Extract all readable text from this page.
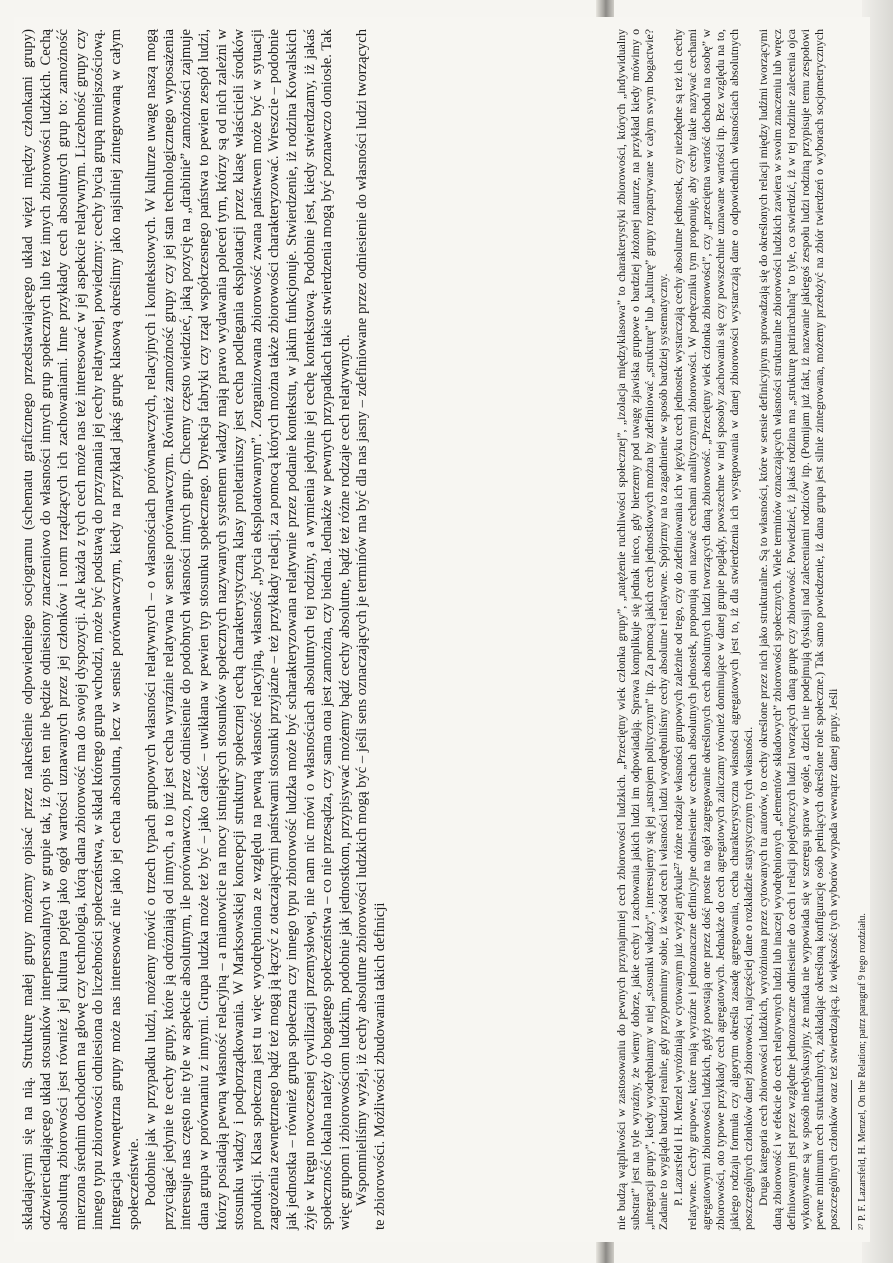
składającymi się na nią. Strukturę małej grupy możemy opisać przez nakreślenie odpowiedniego socjogramu (schematu graficznego przedstawiającego układ więzi między członkami grupy) odzwierciedlającego układ stosunków interpersonalnych w grupie tak, iż opis ten nie będzie odniesiony znaczeniowo do własności innych grup społecznych lub też innych zbiorowości ludzkich. Cechą absolutną zbiorowości jest również jej kultura pojęta jako ogół wartości uznawanych przez jej członków i norm rządzących ich zachowaniami. Inne przykłady cech absolutnych grup to: zamożność mierzona średnim dochodem na głowę czy technologia, którą dana zbiorowość ma do swojej dyspozycji. Ale każda z tych cech może nas też interesować w jej aspekcie relatywnym. Liczebność grupy czy innego typu zbiorowości odniesiona do liczebności społeczeństwa, w skład którego grupa wchodzi, może być podstawą do przyznania jej cechy relatywnej, powiedzmy: cechy bycia grupą mniejszościową. Integracja wewnętrzna grupy może nas interesować nie jako jej cecha absolutna, lecz w sensie porównawczym, kiedy na przykład jakąś grupę klasową określimy jako najsilniej zintegrowaną w całym społeczeństwie. Podobnie jak w przypadku ludzi, możemy mówić o trzech typach grupowych własności relatywnych – o własnościach porównawczych, relacyjnych i kontekstowych. W kulturze uwagę naszą mogą przyciągać jedynie te cechy grupy, które ją odróżniają od innych, a to już jest cecha wyraźnie relatywna w sensie porównawczym. Również zamożność grupy czy jej stan technologicznego wyposażenia interesuje nas często nie tyle w aspekcie absolutnym, ile porównawczo, przez odniesienie do podobnych własności innych grup. Chcemy często wiedzieć, jaką pozycję na „drabinie” zamożności zajmuje dana grupa w porównaniu z innymi. Grupa ludzka może też być – jako całość – uwikłana w pewien typ stosunku społecznego. Dyrekcja fabryki czy rząd współczesnego państwa to pewien zespół ludzi, którzy posiadają pewną własność relacyjną – a mianowicie na mocy istniejących stosunków społecznych nazywanych systemem władzy mają prawo wydawania poleceń tym, którzy są od nich zależni w stosunku władzy i podporządkowania. W Marksowskiej koncepcji struktury społecznej cechą charakterystyczną klasy proletariuszy jest cecha podlegania eksploatacji przez klasę właścicieli środków produkcji. Klasa społeczna jest tu więc wyodrębniona ze względu na pewną własność relacyjną, własność „bycia eksploatowanym”. Zorganizowana zbiorowość zwana państwem może być w sytuacji zagrożenia zewnętrznego bądź też mogą ją łączyć z otaczającymi państwami stosunki przyjaźne – też przykłady relacji, za pomocą których można także zbiorowości charakteryzować. Wreszcie – podobnie jak jednostka – również grupa społeczna czy innego typu zbiorowość ludzka może być scharakteryzowana relatywnie przez podanie kontekstu, w jakim funkcjonuje. Stwierdzenie, iż rodzina Kowalskich żyje w kręgu nowoczesnej cywilizacji przemysłowej, nie nam nic mówi o własnościach absolutnych tej rodziny, a wymienia jedynie jej cechę kontekstową. Podobnie jest, kiedy stwierdzamy, iż jakaś społeczność lokalna należy do bogatego społeczeństwa – co nie przesądza, czy sama ona jest zamożna, czy biedna. Jednakże w pewnych przypadkach takie stwierdzenia mogą być poznawczo doniosłe. Tak więc grupom i zbiorowościom ludzkim, podobnie jak jednostkom, przypisywać możemy bądź cechy absolutne, bądź też różne rodzaje cech relatywnych. Wspomnieliśmy wyżej, iż cechy absolutne zbiorowości ludzkich mogą być – jeśli sens oznaczających je terminów ma być dla nas jasny – zdefiniowane przez odniesienie do własności ludzi tworzących te zbiorowości. Możliwości zbudowania takich definicji	nie budzą wątpliwości w zastosowaniu do pewnych przynajmniej cech zbiorowości ludzkich. „Przeciętny wiek członka grupy”, „natężenie ruchliwości społecznej”, „izolacja międzyklasowa” to charakterystyki zbiorowości, których „indywidualny substrat” jest na tyle wyraźny, że wiemy dobrze, jakie cechy i zachowania jakich ludzi im odpowiadają. Sprawa komplikuje się jednak nieco, gdy bierzemy pod uwagę zjawiska grupowe o bardziej złożonej naturze, na przykład kiedy mówimy o „integracji grupy”, kiedy wyodrębniamy w niej „stosunki władzy”, interesujemy się jej „ustrojem politycznym” itp. Za pomocą jakich cech jednostkowych można by zdefiniować „strukturę” lub „kulturę” grupy rozpatrywane w całym swym bogactwie? Zadanie to wygląda bardziej realnie, gdy przypomnimy sobie, iż wśród cech i własności ludzi wyodrębniliśmy cechy absolutne i relatywne. Spójrzmy na to zagadnienie w sposób bardziej systematyczny. P. Lazarsfeld i H. Menzel wyróżniają w cytowanym już wyżej artykule²⁷ różne rodzaje własności grupowych zależnie od tego, czy do zdefiniowania ich w języku cech jednostek wystarczają cechy absolutne jednostek, czy niezbędne są też ich cechy relatywne. Cechy grupowe, które mają wyraźne i jednoznaczne definicyjne odniesienie w cechach absolutnych jednostek, proponują oni nazwać cechami analitycznymi zbiorowości. W podręczniku tym proponuję, aby cechy takie nazywać cechami agregatowymi zbiorowości ludzkich, gdyż powstają one przez dość proste na ogół zagregowanie określonych cech absolutnych ludzi tworzących daną zbiorowość. „Przeciętny wiek członka zbiorowości”, czy „przeciętna wartość dochodu na osobę” w zbiorowości, oto typowe przykłady cech agregatowych. Jednakże do cech agregatowych zaliczamy również dominujące w danej grupie poglądy, powszechne w niej sposoby zachowania się czy powszechnie uznawane wartości itp. Bez względu na to, jakiego rodzaju formuła czy algorytm określa zasadę agregowania, cecha charakterystyczna własności agregatowych jest to, iż dla stwierdzenia ich występowania w danej zbiorowości wystarczają dane o odpowiednich własnościach absolutnych poszczególnych członków danej zbiorowości, najczęściej dane o rozkładzie statystycznym tych własności. Druga kategoria cech zbiorowości ludzkich, wyróżniona przez cytowanych tu autorów, to cechy określone przez nich jako strukturalne. Są to własności, które w sensie definicyjnym sprowadzają się do określonych relacji między ludźmi tworzącymi daną zbiorowość i w efekcie do cech relatywnych ludzi lub inaczej wyodrębnionych „elementów składowych” zbiorowości społecznych. Wiele terminów oznaczających własności strukturalne zbiorowości ludzkich zawiera w swoim znaczeniu lub wręcz definiowanym jest przez względne jednoznaczne odniesienie do cech i relacji pojedynczych ludzi tworzących daną grupę czy zbiorowość. Powiedzieć, iż jakaś rodzina ma „strukturę patriarchalną” to tyle, co stwierdzić, iż w tej rodzinie zalecenia ojca wykonywane są w sposób niedyskusyjny, że matka nie wypowiada się w szeregu spraw w ogóle, a dzieci nie podejmują dyskusji nad zaleceniami rodziców itp. (Pomijam już fakt, iż nazwanie jakiegoś zespołu ludzi rodziną przypisuje temu zespołowi pewne minimum cech strukturalnych, zakładając określoną konfigurację osób pełniących określone role społeczne.) Tak samo powiedzenie, iż dana grupa jest silnie zintegrowana, możemy przełożyć na zbiór twierdzeń o wyborach socjometrycznych poszczególnych członków oraz też stwierdzającą, iż większość tych wyborów wypada wewnątrz danej grupy. Jeśli ²⁷ P. F. Lazarsfeld, H. Menzel, On the Relation; patrz paragraf 9 tego rozdziału.
